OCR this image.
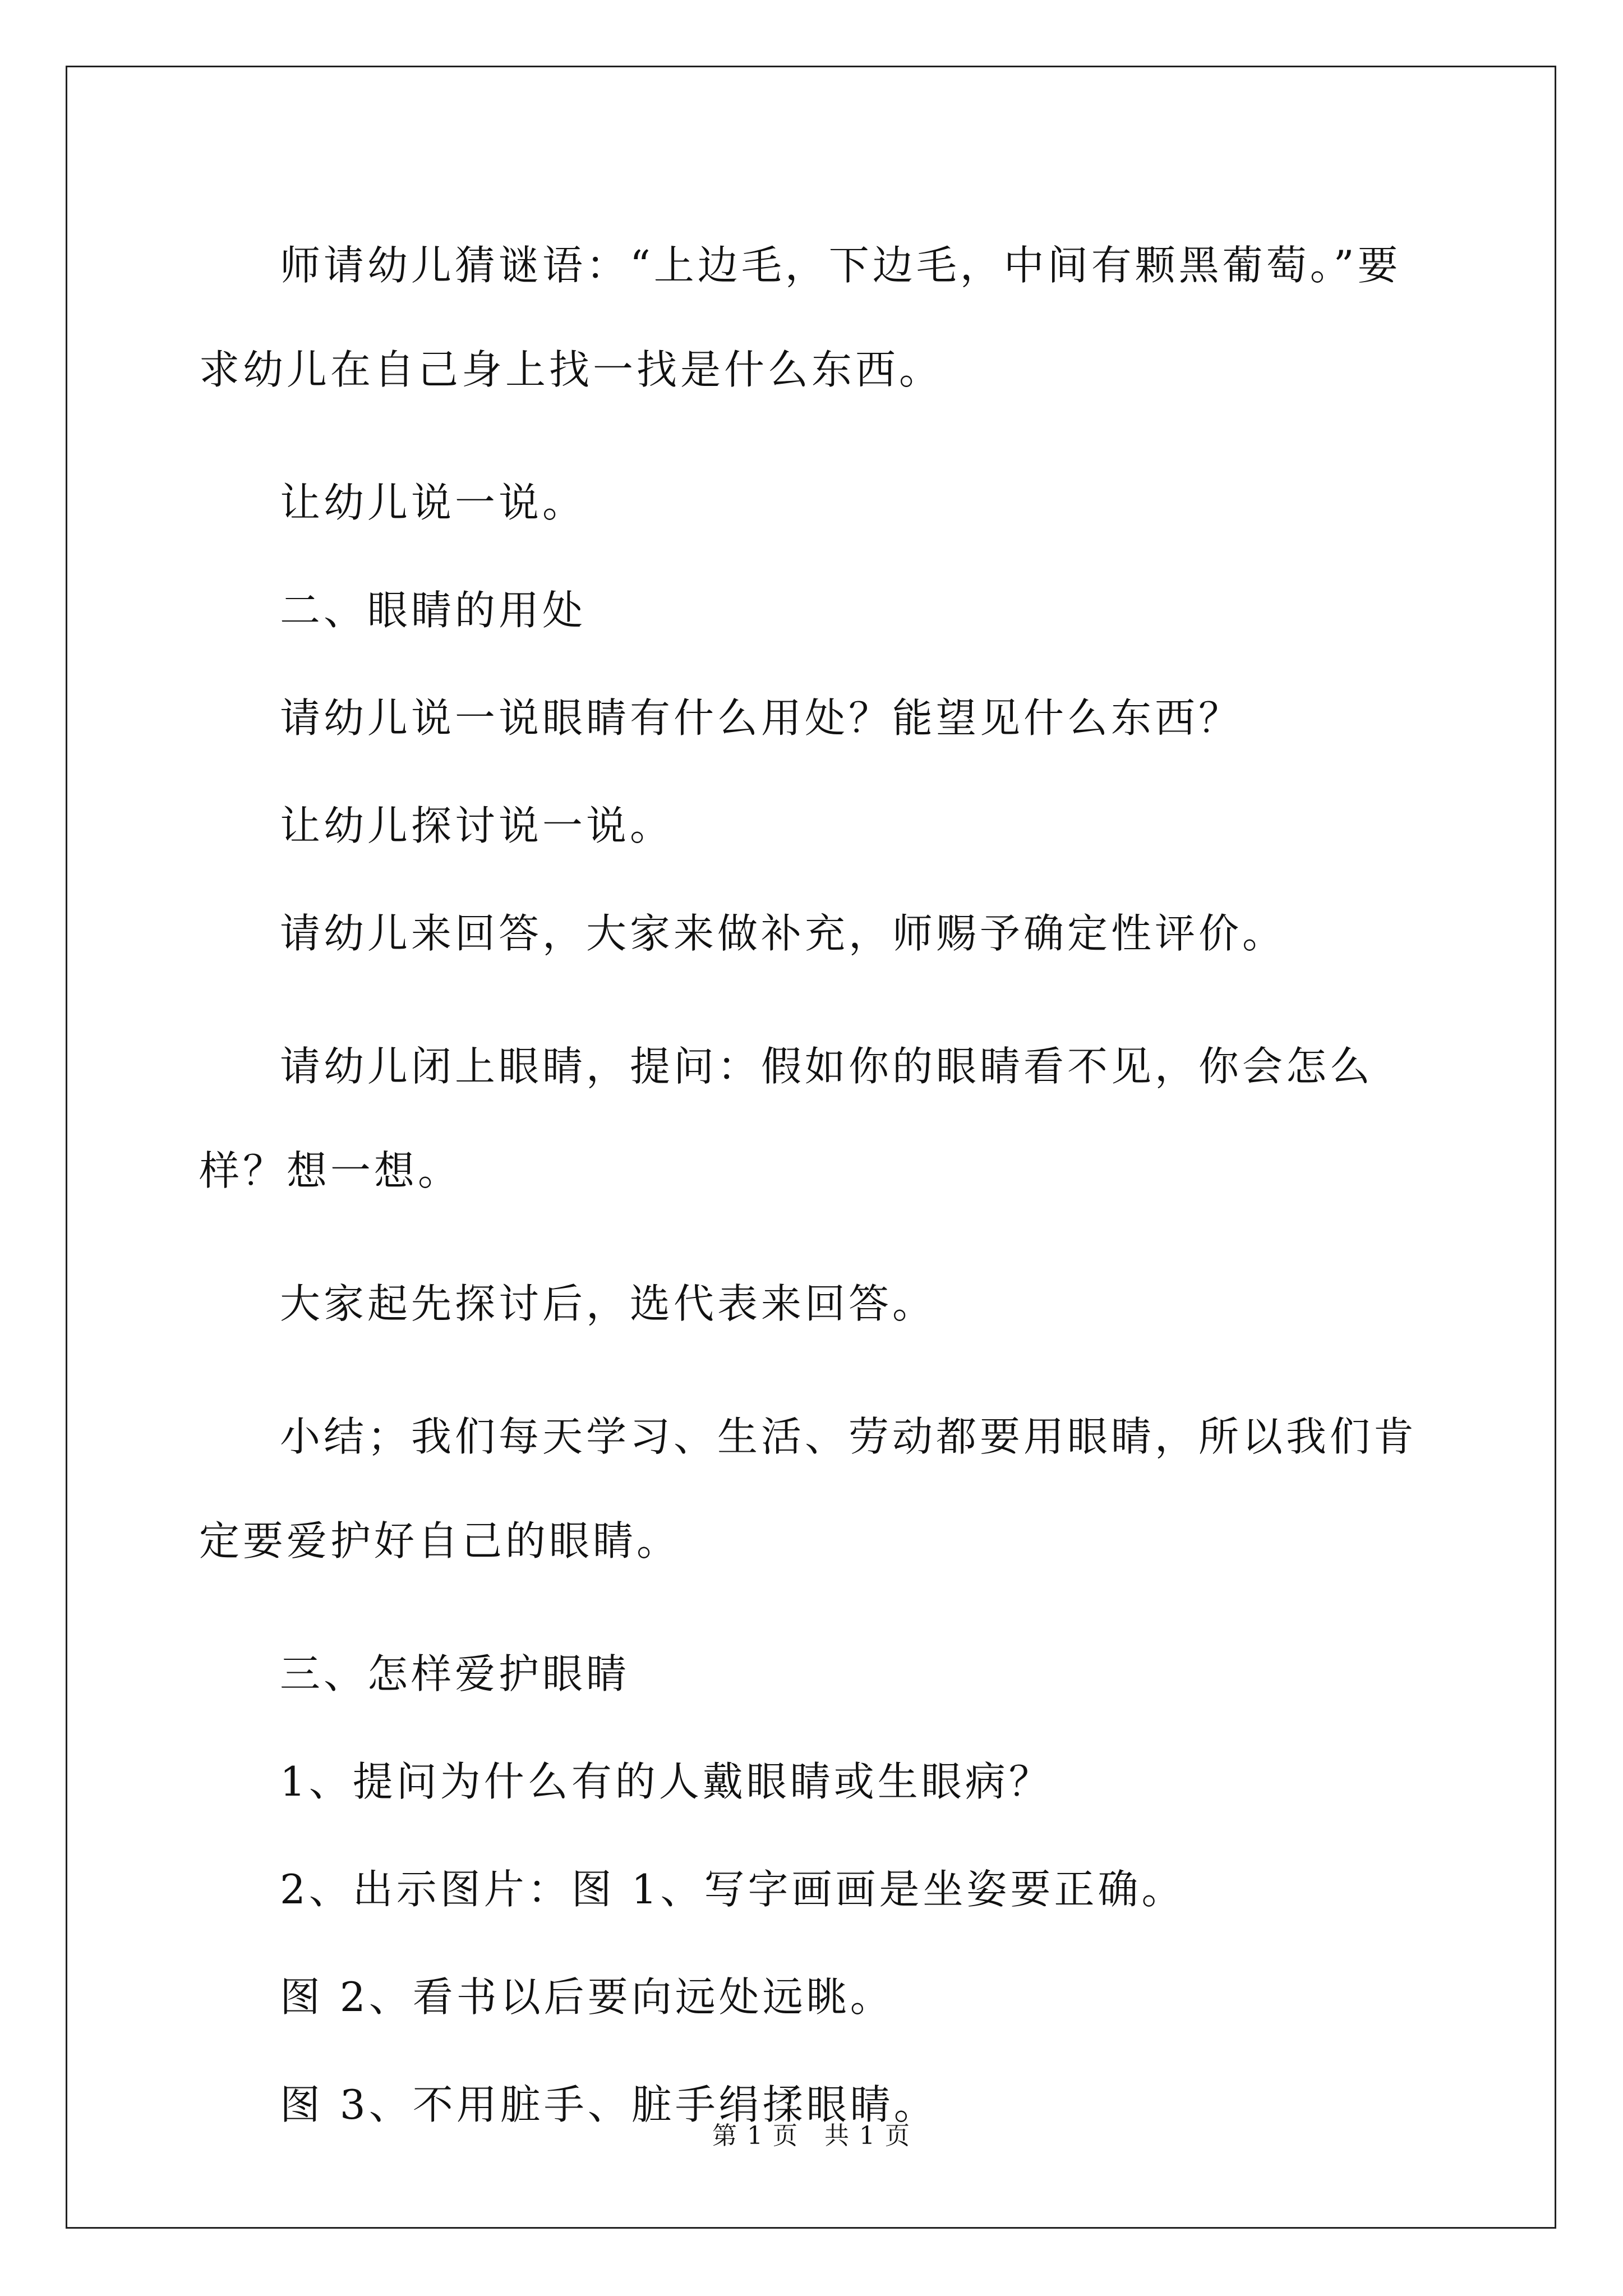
师请幼儿猜谜语：“上边毛，下边毛，中间有颗黑葡萄。”要求幼儿在自己身上找一找是什么东西。

让幼儿说一说。

二、眼睛的用处

请幼儿说一说眼睛有什么用处？能望见什么东西？

让幼儿探讨说一说。

请幼儿来回答，大家来做补充，师赐予确定性评价。

请幼儿闭上眼睛，提问：假如你的眼睛看不见，你会怎么样？想一想。

大家起先探讨后，选代表来回答。

小结；我们每天学习、生活、劳动都要用眼睛，所以我们肯定要爱护好自己的眼睛。

三、怎样爱护眼睛

1、提问为什么有的人戴眼睛或生眼病？

2、出示图片：图 1、写字画画是坐姿要正确。

图 2、看书以后要向远处远眺。

图 3、不用脏手、脏手绢揉眼睛。

第 1 页　共 1 页
